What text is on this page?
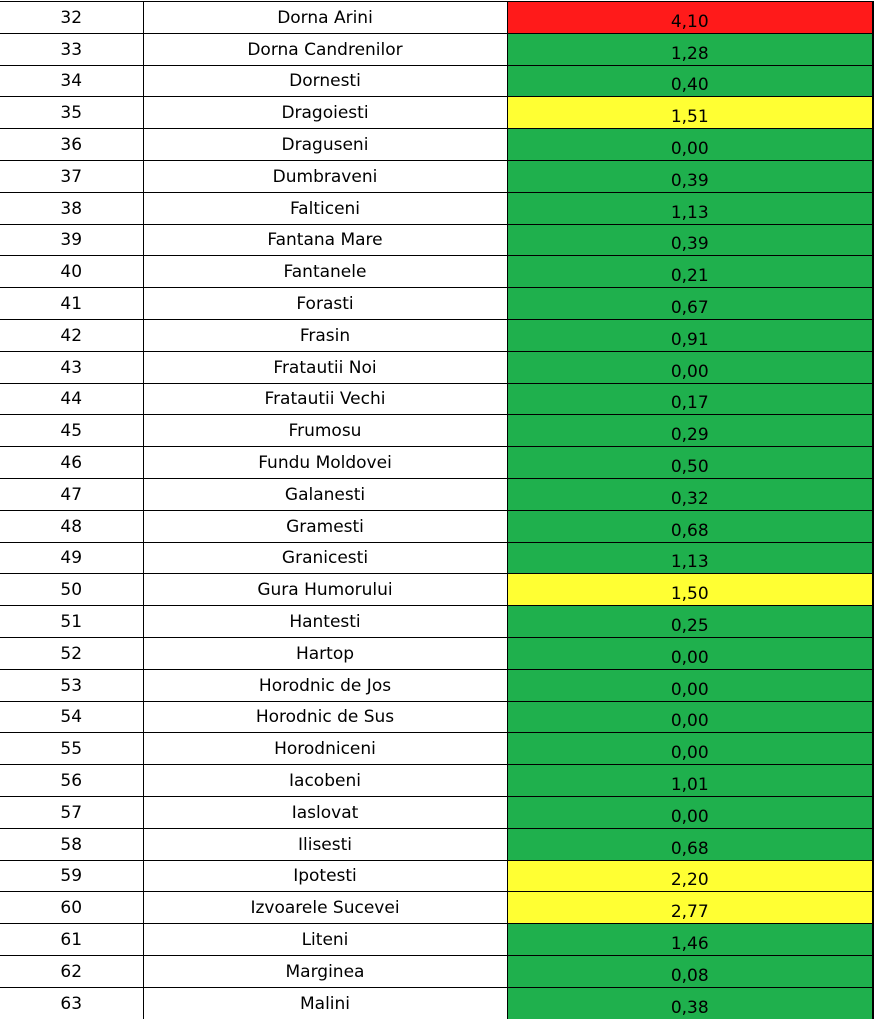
32	Dorna Arini	4,10
33	Dorna Candrenilor	1,28
34	Dornesti	0,40
35	Dragoiesti	1,51
36	Draguseni	0,00
37	Dumbraveni	0,39
38	Falticeni	1,13
39	Fantana Mare	0,39
40	Fantanele	0,21
41	Forasti	0,67
42	Frasin	0,91
43	Fratautii Noi	0,00
44	Fratautii Vechi	0,17
45	Frumosu	0,29
46	Fundu Moldovei	0,50
47	Galanesti	0,32
48	Gramesti	0,68
49	Granicesti	1,13
50	Gura Humorului	1,50
51	Hantesti	0,25
52	Hartop	0,00
53	Horodnic de Jos	0,00
54	Horodnic de Sus	0,00
55	Horodniceni	0,00
56	Iacobeni	1,01
57	Iaslovat	0,00
58	Ilisesti	0,68
59	Ipotesti	2,20
60	Izvoarele Sucevei	2,77
61	Liteni	1,46
62	Marginea	0,08
63	Malini	0,38
